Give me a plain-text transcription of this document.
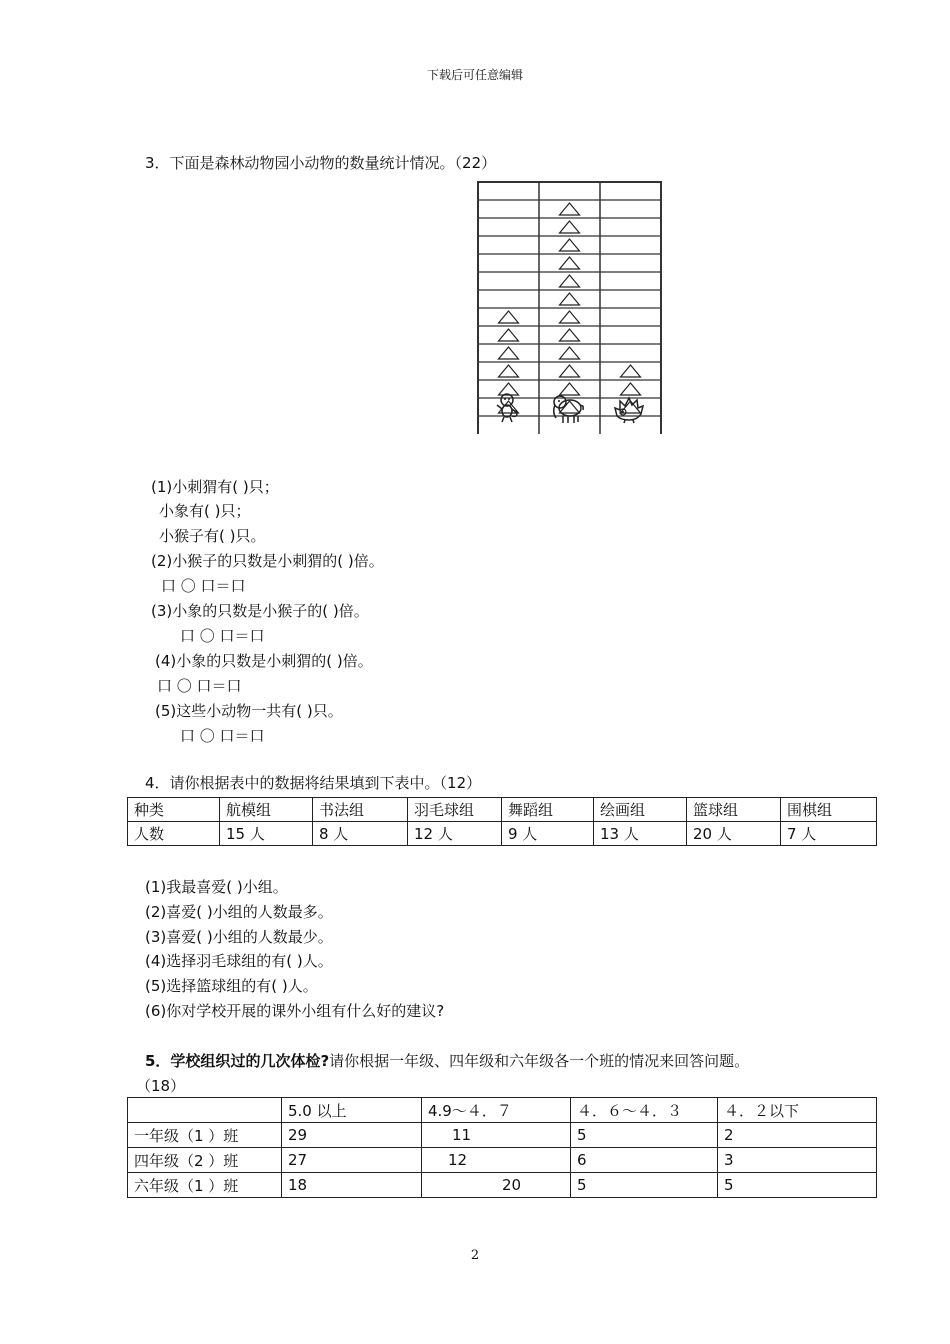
下载后可任意编辑
3．下面是森林动物园小动物的数量统计情况。（22）
(1)小刺猬有( )只；
小象有( )只；
小猴子有( )只。
(2)小猴子的只数是小刺猬的( )倍。
口 〇 口＝口
(3)小象的只数是小猴子的( )倍。
口 〇 口＝口
(4)小象的只数是小刺猬的( )倍。
口 〇 口＝口
(5)这些小动物一共有( )只。
口 〇 口＝口
4．请你根据表中的数据将结果填到下表中。（12）
种类	航模组	书法组	羽毛球组	舞蹈组	绘画组	篮球组	围棋组
人数	15 人	8 人	12 人	9 人	13 人	20 人	7 人
(1)我最喜爱( )小组。
(2)喜爱( )小组的人数最多。
(3)喜爱( )小组的人数最少。
(4)选择羽毛球组的有( )人。
(5)选择篮球组的有( )人。
(6)你对学校开展的课外小组有什么好的建议?
5．学校组织过的几次体检?请你根据一年级、四年级和六年级各一个班的情况来回答问题。
（18）
	5.0 以上	4.9～４．７	４．６～４．３	４．２以下
一年级（1 ）班	29	11	5	2
四年级（2 ）班	27	12	6	3
六年级（1 ）班	18	20	5	5
2
